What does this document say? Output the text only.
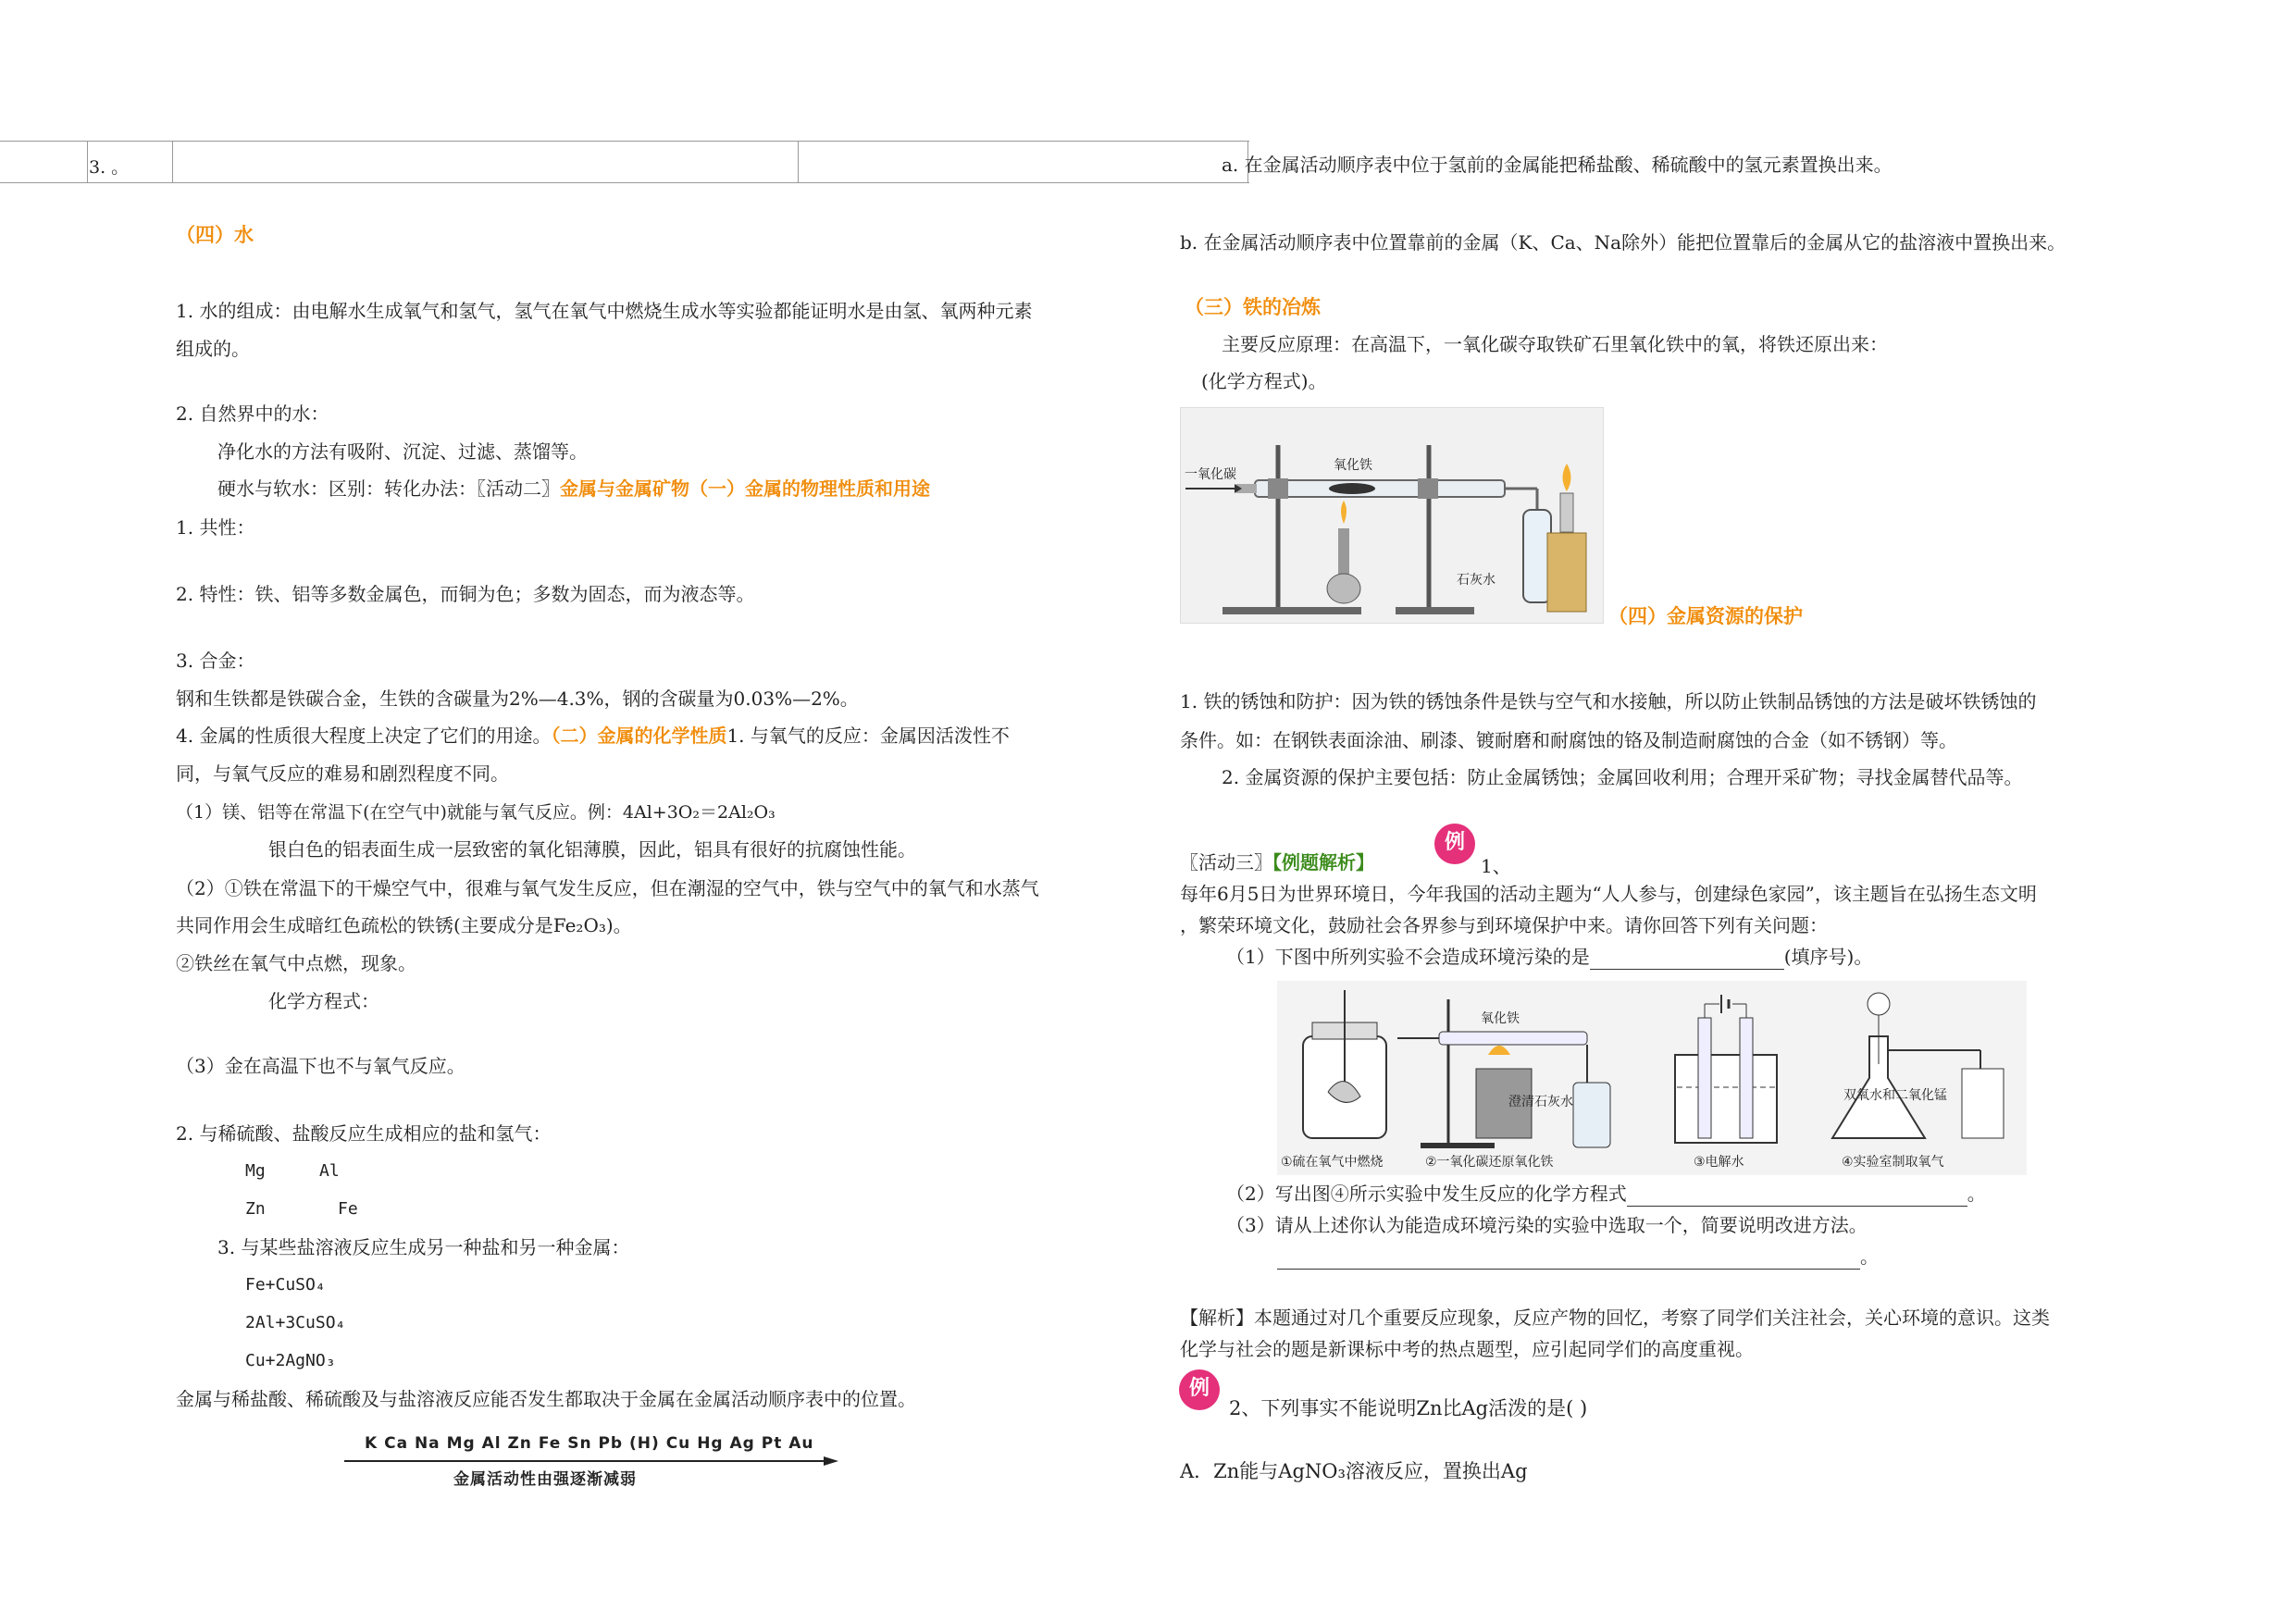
3. 。
（四）水
1. 水的组成：由电解水生成氧气和氢气，氢气在氧气中燃烧生成水等实验都能证明水是由氢、氧两种元素
组成的。
2. 自然界中的水：
净化水的方法有吸附、沉淀、过滤、蒸馏等。
硬水与软水：区别：转化办法：〖活动二〗金属与金属矿物（一）金属的物理性质和用途
1. 共性：
2. 特性：铁、铝等多数金属色，而铜为色；多数为固态，而为液态等。
3. 合金：
钢和生铁都是铁碳合金，生铁的含碳量为2%—4.3%，钢的含碳量为0.03%—2%。
4. 金属的性质很大程度上决定了它们的用途。（二）金属的化学性质1. 与氧气的反应：金属因活泼性不
同，与氧气反应的难易和剧烈程度不同。
（1）镁、铝等在常温下(在空气中)就能与氧气反应。例：4Al+3O₂＝2Al₂O₃
银白色的铝表面生成一层致密的氧化铝薄膜，因此，铝具有很好的抗腐蚀性能。
（2）①铁在常温下的干燥空气中，很难与氧气发生反应，但在潮湿的空气中，铁与空气中的氧气和水蒸气
共同作用会生成暗红色疏松的铁锈(主要成分是Fe₂O₃)。
②铁丝在氧气中点燃，现象。
化学方程式：
（3）金在高温下也不与氧气反应。
2. 与稀硫酸、盐酸反应生成相应的盐和氢气：
Mg	Al
Zn	Fe
3. 与某些盐溶液反应生成另一种盐和另一种金属：
Fe+CuSO₄
2Al+3CuSO₄
Cu+2AgNO₃
金属与稀盐酸、稀硫酸及与盐溶液反应能否发生都取决于金属在金属活动顺序表中的位置。
K Ca Na Mg Al Zn Fe Sn Pb (H) Cu Hg Ag Pt Au
金属活动性由强逐渐减弱
a. 在金属活动顺序表中位于氢前的金属能把稀盐酸、稀硫酸中的氢元素置换出来。
b. 在金属活动顺序表中位置靠前的金属（K、Ca、Na除外）能把位置靠后的金属从它的盐溶液中置换出来。
（三）铁的冶炼
主要反应原理：在高温下，一氧化碳夺取铁矿石里氧化铁中的氧，将铁还原出来：
(化学方程式)。
一氧化碳
氧化铁
石灰水
（四）金属资源的保护
1. 铁的锈蚀和防护：因为铁的锈蚀条件是铁与空气和水接触，所以防止铁制品锈蚀的方法是破坏铁锈蚀的
条件。如：在钢铁表面涂油、刷漆、镀耐磨和耐腐蚀的铬及制造耐腐蚀的合金（如不锈钢）等。
2. 金属资源的保护主要包括：防止金属锈蚀；金属回收利用；合理开采矿物；寻找金属替代品等。
〖活动三〗【例题解析】
例
1、
每年6月5日为世界环境日，今年我国的活动主题为“人人参与，创建绿色家园”，该主题旨在弘扬生态文明
，繁荣环境文化，鼓励社会各界参与到环境保护中来。请你回答下列有关问题：
（1）下图中所列实验不会造成环境污染的是	(填序号)。
①硫在氧气中燃烧	②一氧化碳还原氧化铁	③电解水	④实验室制取氧气
氧化铁
澄清石灰水	双氧水和二氧化锰
（2）写出图④所示实验中发生反应的化学方程式	。
（3）请从上述你认为能造成环境污染的实验中选取一个，简要说明改进方法。
。
【解析】本题通过对几个重要反应现象，反应产物的回忆，考察了同学们关注社会，关心环境的意识。这类
化学与社会的题是新课标中考的热点题型，应引起同学们的高度重视。
例
2、下列事实不能说明Zn比Ag活泼的是( )
A．Zn能与AgNO₃溶液反应，置换出Ag
